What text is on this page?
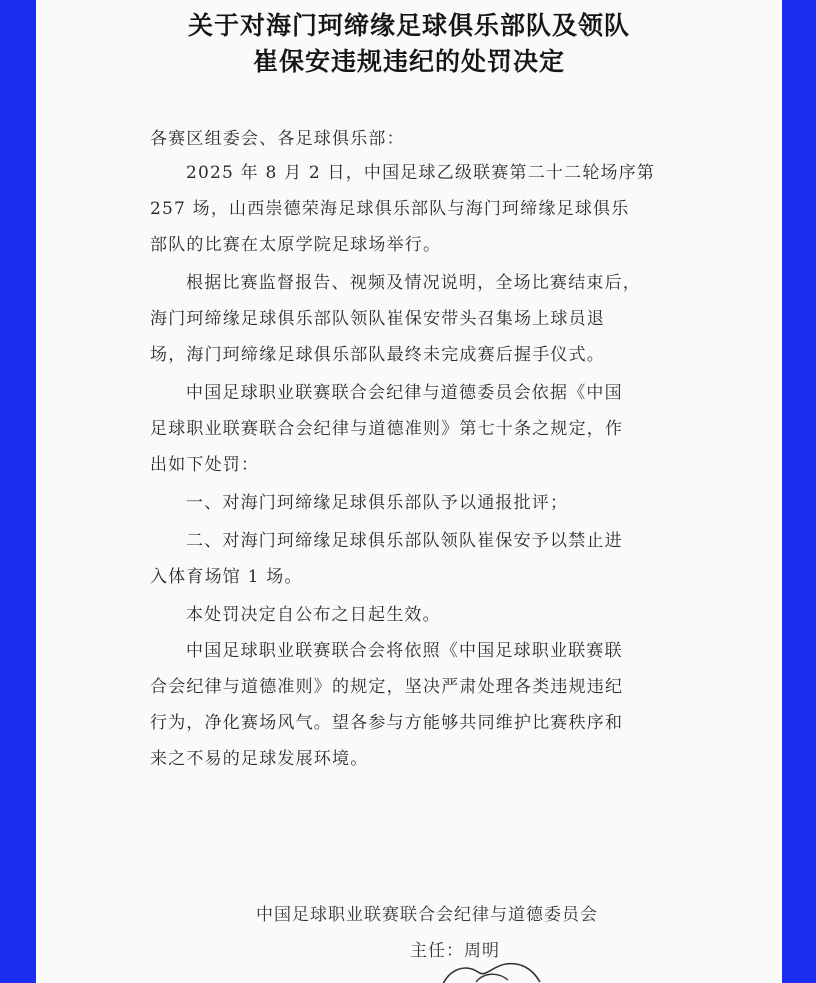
关于对海门珂缔缘足球俱乐部队及领队
崔保安违规违纪的处罚决定
各赛区组委会、各足球俱乐部：
2025 年 8 月 2 日，中国足球乙级联赛第二十二轮场序第
257 场，山西崇德荣海足球俱乐部队与海门珂缔缘足球俱乐
部队的比赛在太原学院足球场举行。
根据比赛监督报告、视频及情况说明，全场比赛结束后，
海门珂缔缘足球俱乐部队领队崔保安带头召集场上球员退
场，海门珂缔缘足球俱乐部队最终未完成赛后握手仪式。
中国足球职业联赛联合会纪律与道德委员会依据《中国
足球职业联赛联合会纪律与道德准则》第七十条之规定，作
出如下处罚：
一、对海门珂缔缘足球俱乐部队予以通报批评；
二、对海门珂缔缘足球俱乐部队领队崔保安予以禁止进
入体育场馆 1 场。
本处罚决定自公布之日起生效。
中国足球职业联赛联合会将依照《中国足球职业联赛联
合会纪律与道德准则》的规定，坚决严肃处理各类违规违纪
行为，净化赛场风气。望各参与方能够共同维护比赛秩序和
来之不易的足球发展环境。
中国足球职业联赛联合会纪律与道德委员会
主任：周明
